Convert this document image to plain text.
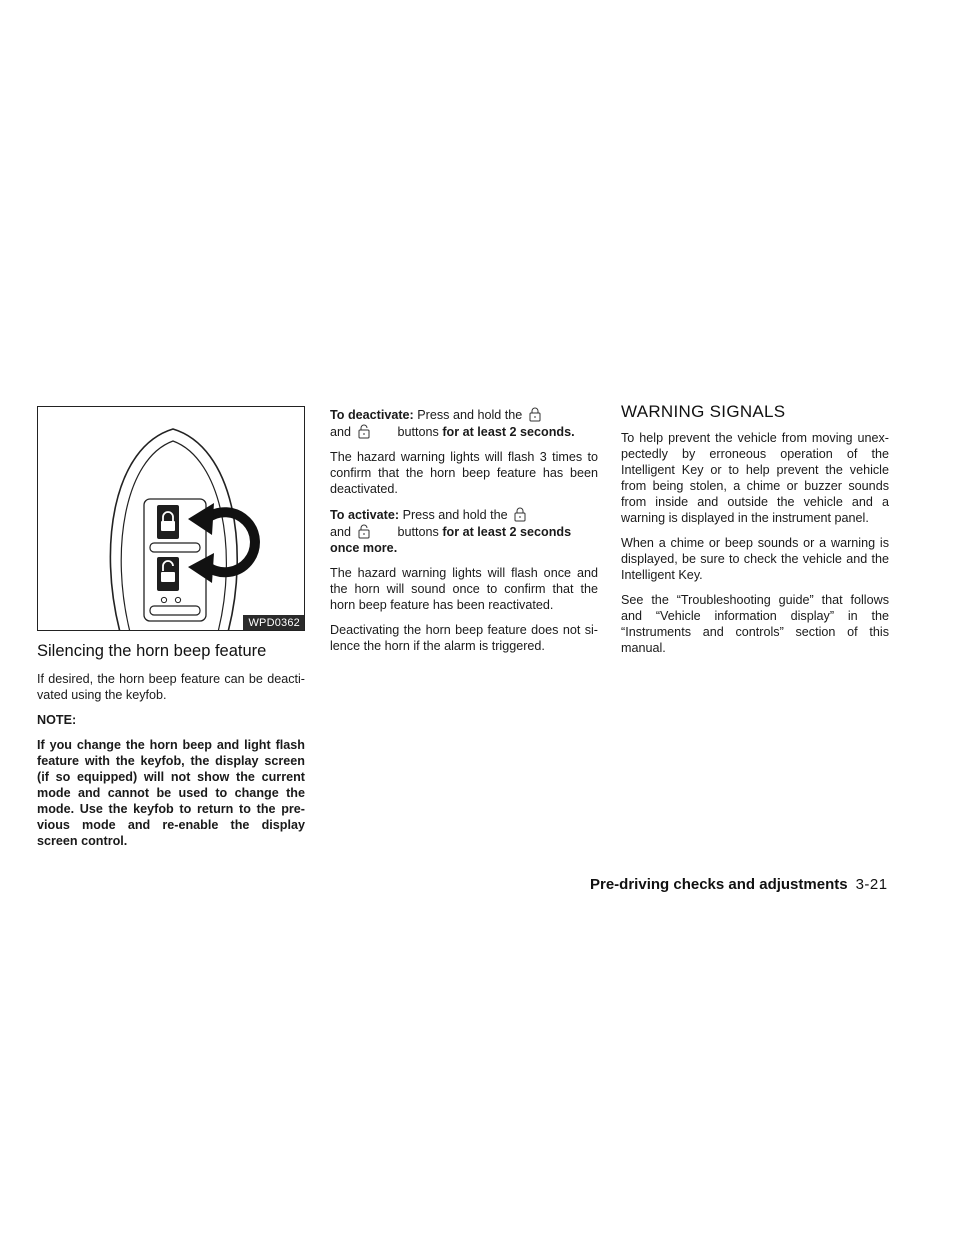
WPD0362
Silencing the horn beep feature

If desired, the horn beep feature can be deacti-vated using the keyfob.

NOTE:

If you change the horn beep and light flash feature with the keyfob, the display screen (if so equipped) will not show the current mode and cannot be used to change the mode. Use the keyfob to return to the pre-vious mode and re-enable the display screen control.

To deactivate: Press and hold the
and	buttons for at least 2 seconds.

The hazard warning lights will flash 3 times to confirm that the horn beep feature has been deactivated.

To activate: Press and hold the
and	buttons for at least 2 seconds once more.

The hazard warning lights will flash once and the horn will sound once to confirm that the horn beep feature has been reactivated.

Deactivating the horn beep feature does not si-lence the horn if the alarm is triggered.

WARNING SIGNALS

To help prevent the vehicle from moving unex-pectedly by erroneous operation of the Intelligent Key or to help prevent the vehicle from being stolen, a chime or buzzer sounds from inside and outside the vehicle and a warning is displayed in the instrument panel.

When a chime or beep sounds or a warning is displayed, be sure to check the vehicle and the Intelligent Key.

See the “Troubleshooting guide” that follows and “Vehicle information display” in the “Instruments and controls” section of this manual.

Pre-driving checks and adjustments 3-21
